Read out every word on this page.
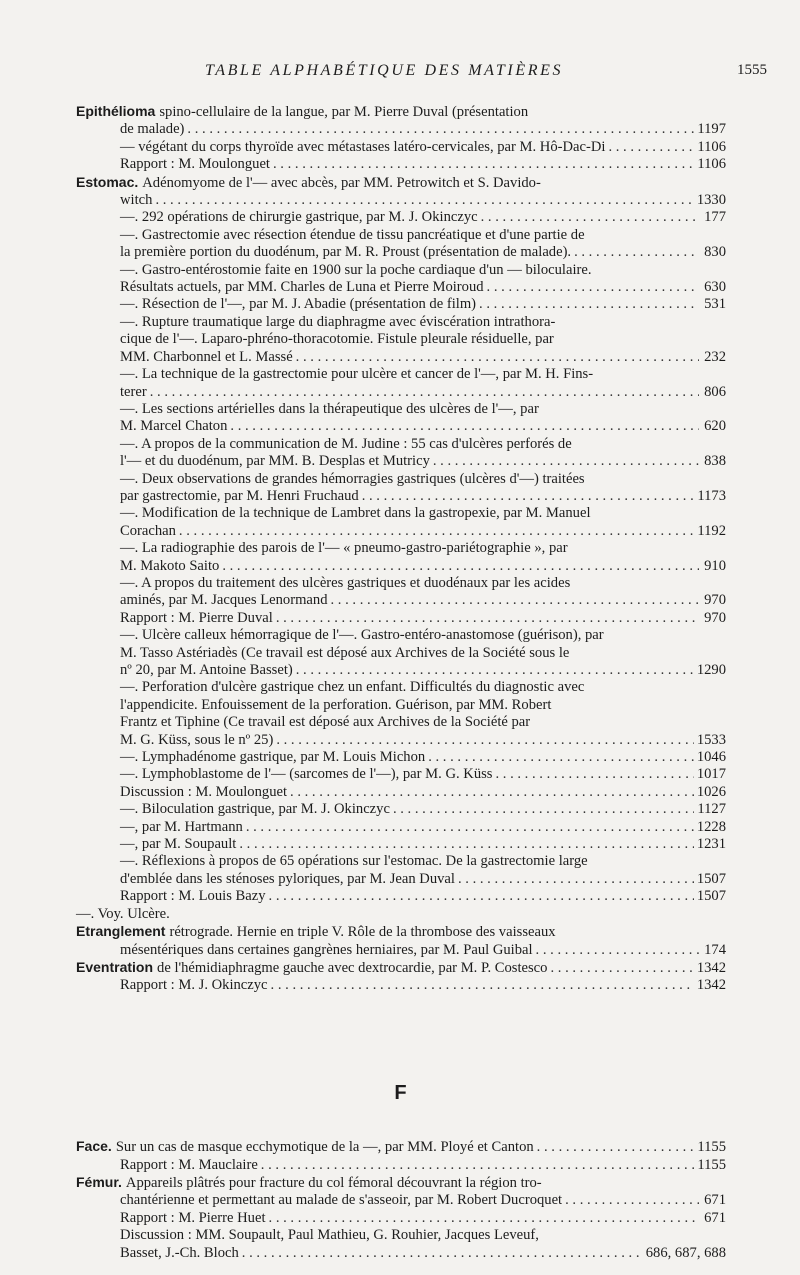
TABLE ALPHABÉTIQUE DES MATIÈRES	1555
Epithélioma spino-cellulaire de la langue, par M. Pierre Duval (présentation
de malade) . . .	1197
— végétant du corps thyroïde avec métastases latéro-cervicales, par M. Hô-Dac-Di . . .	1106
Rapport : M. Moulonguet . . .	1106
Estomac. Adénomyome de l'— avec abcès, par MM. Petrowitch et S. Davido-
witch . . .	1330
—. 292 opérations de chirurgie gastrique, par M. J. Okinczyc . . .	177
—. Gastrectomie avec résection étendue de tissu pancréatique et d'une partie de
la première portion du duodénum, par M. R. Proust (présentation de malade). . . .	830
—. Gastro-entérostomie faite en 1900 sur la poche cardiaque d'un — biloculaire.
Résultats actuels, par MM. Charles de Luna et Pierre Moiroud . . .	630
—. Résection de l'—, par M. J. Abadie (présentation de film) . . .	531
—. Rupture traumatique large du diaphragme avec éviscération intrathora-
cique de l'—. Laparo-phréno-thoracotomie. Fistule pleurale résiduelle, par
MM. Charbonnel et L. Massé . . .	232
—. La technique de la gastrectomie pour ulcère et cancer de l'—, par M. H. Fins-
terer . . .	806
—. Les sections artérielles dans la thérapeutique des ulcères de l'—, par
M. Marcel Chaton . . .	620
—. A propos de la communication de M. Judine : 55 cas d'ulcères perforés de
l'— et du duodénum, par MM. B. Desplas et Mutricy . . .	838
—. Deux observations de grandes hémorragies gastriques (ulcères d'—) traitées
par gastrectomie, par M. Henri Fruchaud . . .	1173
—. Modification de la technique de Lambret dans la gastropexie, par M. Manuel
Corachan . . .	1192
—. La radiographie des parois de l'— « pneumo-gastro-pariétographie », par
M. Makoto Saito . . .	910
—. A propos du traitement des ulcères gastriques et duodénaux par les acides
aminés, par M. Jacques Lenormand . . .	970
Rapport : M. Pierre Duval . . .	970
—. Ulcère calleux hémorragique de l'—. Gastro-entéro-anastomose (guérison), par
M. Tasso Astériadès (Ce travail est déposé aux Archives de la Société sous le
nº 20, par M. Antoine Basset) . . .	1290
—. Perforation d'ulcère gastrique chez un enfant. Difficultés du diagnostic avec
l'appendicite. Enfouissement de la perforation. Guérison, par MM. Robert
Frantz et Tiphine (Ce travail est déposé aux Archives de la Société par
M. G. Küss, sous le nº 25) . . .	1533
—. Lymphadénome gastrique, par M. Louis Michon . . .	1046
—. Lymphoblastome de l'— (sarcomes de l'—), par M. G. Küss . . .	1017
Discussion : M. Moulonguet . . .	1026
—. Biloculation gastrique, par M. J. Okinczyc . . .	1127
—, par M. Hartmann . . .	1228
—, par M. Soupault . . .	1231
—. Réflexions à propos de 65 opérations sur l'estomac. De la gastrectomie large
d'emblée dans les sténoses pyloriques, par M. Jean Duval . . .	1507
Rapport : M. Louis Bazy . . .	1507
—. Voy. Ulcère.
Etranglement rétrograde. Hernie en triple V. Rôle de la thrombose des vaisseaux
mésentériques dans certaines gangrènes herniaires, par M. Paul Guibal . . .	174
Eventration de l'hémidiaphragme gauche avec dextrocardie, par M. P. Costesco . . .	1342
Rapport : M. J. Okinczyc . . .	1342
F
Face. Sur un cas de masque ecchymotique de la —, par MM. Ployé et Canton . . .	1155
Rapport : M. Mauclaire . . .	1155
Fémur. Appareils plâtrés pour fracture du col fémoral découvrant la région tro-
chantérienne et permettant au malade de s'asseoir, par M. Robert Ducroquet . . .	671
Rapport : M. Pierre Huet . . .	671
Discussion : MM. Soupault, Paul Mathieu, G. Rouhier, Jacques Leveuf,
Basset, J.-Ch. Bloch . . .	686, 687, 688
